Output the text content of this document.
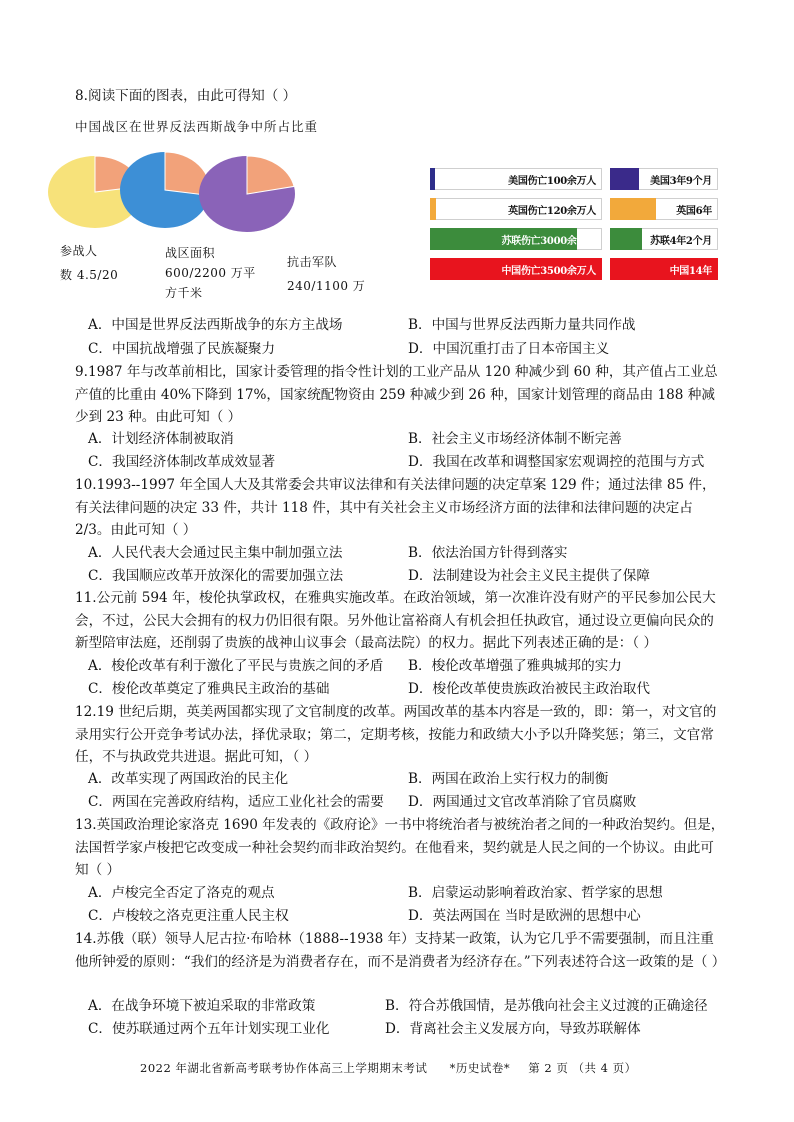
8.阅读下面的图表，由此可得知（ ）
中国战区在世界反法西斯战争中所占比重
参战人
数 4.5/20
战区面积
600/2200 万平
方千米
抗击军队
240/1100 万
美国伤亡100余万人
英国伤亡120余万人
苏联伤亡3000余万人
中国伤亡3500余万人
美国3年9个月
英国6年
苏联4年2个月
中国14年
A．中国是世界反法西斯战争的东方主战场	B．中国与世界反法西斯力量共同作战
C．中国抗战增强了民族凝聚力	D．中国沉重打击了日本帝国主义
9.1987 年与改革前相比，国家计委管理的指令性计划的工业产品从 120 种减少到 60 种，其产值占工业总产值的比重由 40%下降到 17%，国家统配物资由 259 种减少到 26 种，国家计划管理的商品由 188 种减少到 23 种。由此可知（ ）
A．计划经济体制被取消	B．社会主义市场经济体制不断完善
C．我国经济体制改革成效显著	D．我国在改革和调整国家宏观调控的范围与方式
10.1993--1997 年全国人大及其常委会共审议法律和有关法律问题的决定草案 129 件；通过法律 85 件，有关法律问题的决定 33 件，共计 118 件，其中有关社会主义市场经济方面的法律和法律问题的决定占 2/3。由此可知（ ）
A．人民代表大会通过民主集中制加强立法	B．依法治国方针得到落实
C．我国顺应改革开放深化的需要加强立法	D．法制建设为社会主义民主提供了保障
11.公元前 594 年，梭伦执掌政权，在雅典实施改革。在政治领域，第一次准许没有财产的平民参加公民大会，不过，公民大会拥有的权力仍旧很有限。另外他让富裕商人有机会担任执政官，通过设立更偏向民众的新型陪审法庭，还削弱了贵族的战神山议事会（最高法院）的权力。据此下列表述正确的是：（ ）
A．梭伦改革有利于激化了平民与贵族之间的矛盾 B．梭伦改革增强了雅典城邦的实力
C．梭伦改革奠定了雅典民主政治的基础	D．梭伦改革使贵族政治被民主政治取代
12.19 世纪后期，英美两国都实现了文官制度的改革。两国改革的基本内容是一致的，即：第一，对文官的录用实行公开竞争考试办法，择优录取；第二，定期考核，按能力和政绩大小予以升降奖惩；第三，文官常任，不与执政党共进退。据此可知，（ ）
A．改革实现了两国政治的民主化	B．两国在政治上实行权力的制衡
C．两国在完善政府结构，适应工业化社会的需要 D．两国通过文官改革消除了官员腐败
13.英国政治理论家洛克 1690 年发表的《政府论》一书中将统治者与被统治者之间的一种政治契约。但是，法国哲学家卢梭把它改变成一种社会契约而非政治契约。在他看来，契约就是人民之间的一个协议。由此可知（ ）
A．卢梭完全否定了洛克的观点	B．启蒙运动影响着政治家、哲学家的思想
C．卢梭较之洛克更注重人民主权	D．英法两国在 当时是欧洲的思想中心
14.苏俄（联）领导人尼古拉·布哈林（1888--1938 年）支持某一政策，认为它几乎不需要强制，而且注重他所钟爱的原则：“我们的经济是为消费者存在，而不是消费者为经济存在。”下列表述符合这一政策的是（ ）
A．在战争环境下被迫采取的非常政策	B．符合苏俄国情，是苏俄向社会主义过渡的正确途径
C．使苏联通过两个五年计划实现工业化	D．背离社会主义发展方向，导致苏联解体
2022 年湖北省新高考联考协作体高三上学期期末考试 *历史试卷* 第 2 页 （共 4 页）
